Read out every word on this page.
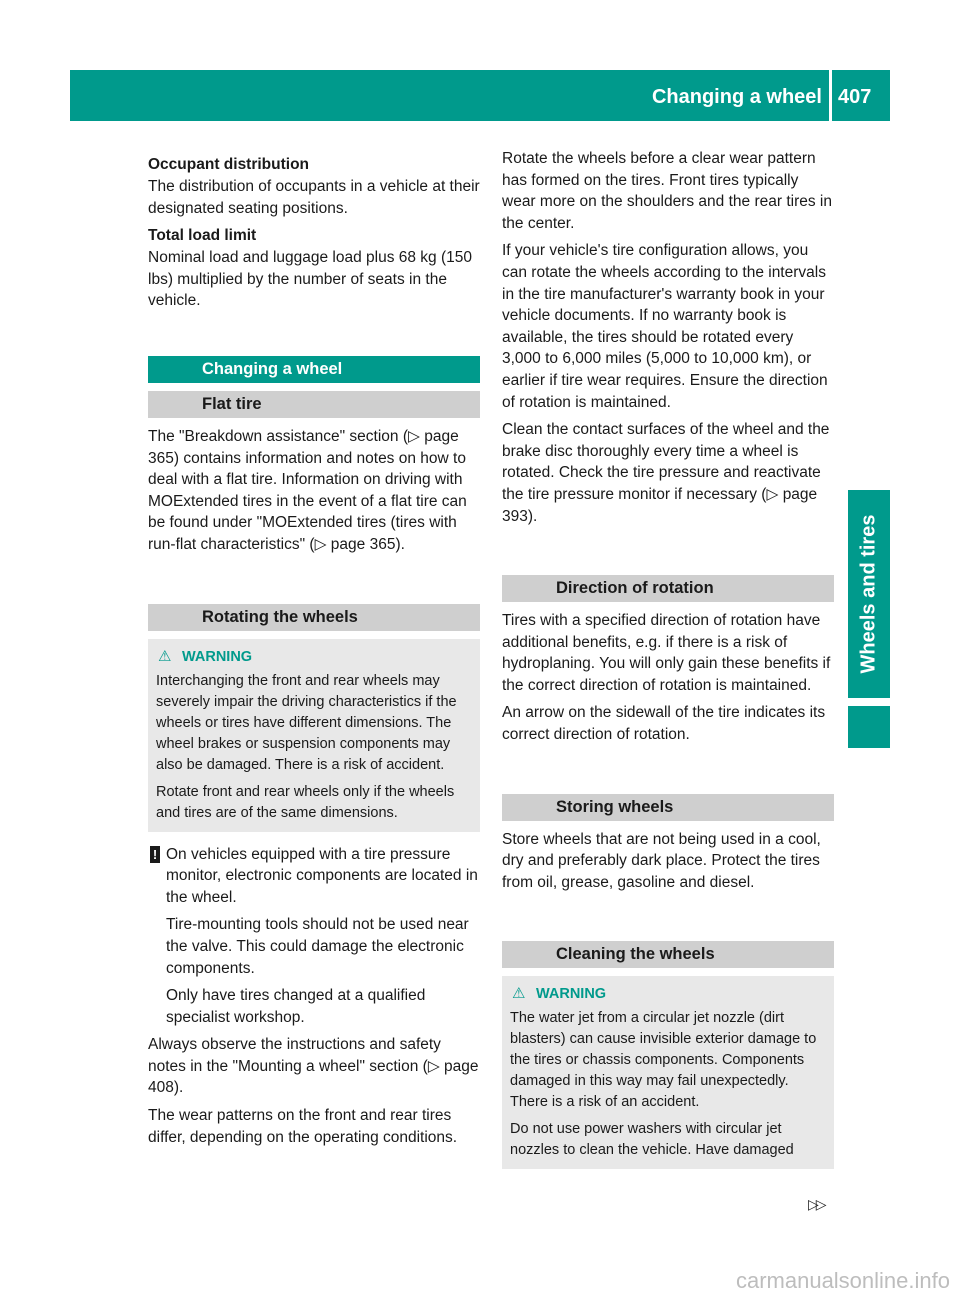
Changing a wheel 407
Wheels and tires
Occupant distribution

The distribution of occupants in a vehicle at their designated seating positions.

Total load limit

Nominal load and luggage load plus 68 kg (150 lbs) multiplied by the number of seats in the vehicle.

Changing a wheel
Flat tire

The "Breakdown assistance" section (▷ page 365) contains information and notes on how to deal with a flat tire. Information on driving with MOExtended tires in the event of a flat tire can be found under "MOExtended tires (tires with run-flat characteristics" (▷ page 365).

Rotating the wheels
⚠ WARNING

Interchanging the front and rear wheels may severely impair the driving characteristics if the wheels or tires have different dimensions. The wheel brakes or suspension components may also be damaged. There is a risk of accident.

Rotate front and rear wheels only if the wheels and tires are of the same dimensions.

! On vehicles equipped with a tire pressure monitor, electronic components are located in the wheel.

Tire-mounting tools should not be used near the valve. This could damage the electronic components.

Only have tires changed at a qualified specialist workshop.

Always observe the instructions and safety notes in the "Mounting a wheel" section (▷ page 408).

The wear patterns on the front and rear tires differ, depending on the operating conditions.

Rotate the wheels before a clear wear pattern has formed on the tires. Front tires typically wear more on the shoulders and the rear tires in the center.

If your vehicle's tire configuration allows, you can rotate the wheels according to the intervals in the tire manufacturer's warranty book in your vehicle documents. If no warranty book is available, the tires should be rotated every 3,000 to 6,000 miles (5,000 to 10,000 km), or earlier if tire wear requires. Ensure the direction of rotation is maintained.

Clean the contact surfaces of the wheel and the brake disc thoroughly every time a wheel is rotated. Check the tire pressure and reactivate the tire pressure monitor if necessary (▷ page 393).

Direction of rotation

Tires with a specified direction of rotation have additional benefits, e.g. if there is a risk of hydroplaning. You will only gain these benefits if the correct direction of rotation is maintained.

An arrow on the sidewall of the tire indicates its correct direction of rotation.

Storing wheels

Store wheels that are not being used in a cool, dry and preferably dark place. Protect the tires from oil, grease, gasoline and diesel.

Cleaning the wheels
⚠ WARNING

The water jet from a circular jet nozzle (dirt blasters) can cause invisible exterior damage to the tires or chassis components. Components damaged in this way may fail unexpectedly. There is a risk of an accident.

Do not use power washers with circular jet nozzles to clean the vehicle. Have damaged

▷▷
carmanualsonline.info
